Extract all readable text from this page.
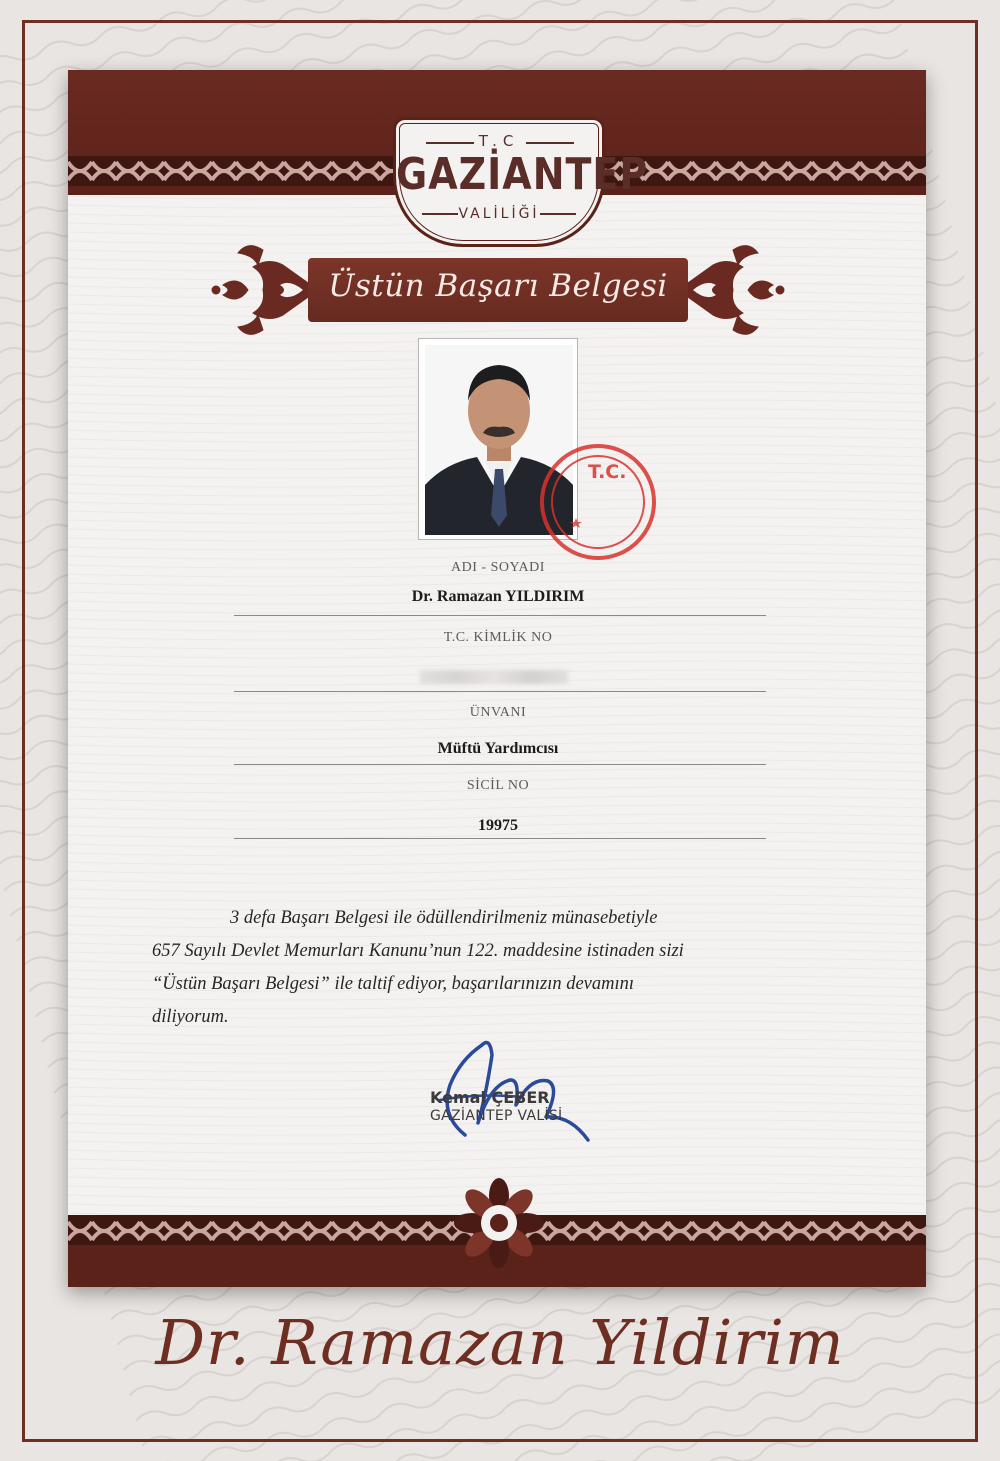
T.C
GAZİANTEP
VALİLİĞİ
Üstün Başarı Belgesi
T.C.
ADI - SOYADI
Dr. Ramazan YILDIRIM
T.C. KİMLİK NO
ÜNVANI
Müftü Yardımcısı
SİCİL NO
19975
3 defa Başarı Belgesi ile ödüllendirilmeniz münasebetiyle
657 Sayılı Devlet Memurları Kanunu’nun 122. maddesine istinaden sizi
“Üstün Başarı Belgesi” ile taltif ediyor, başarılarınızın devamını
diliyorum.
Kemal ÇEBER
GAZİANTEP VALİSİ
Dr. Ramazan Yildirim
